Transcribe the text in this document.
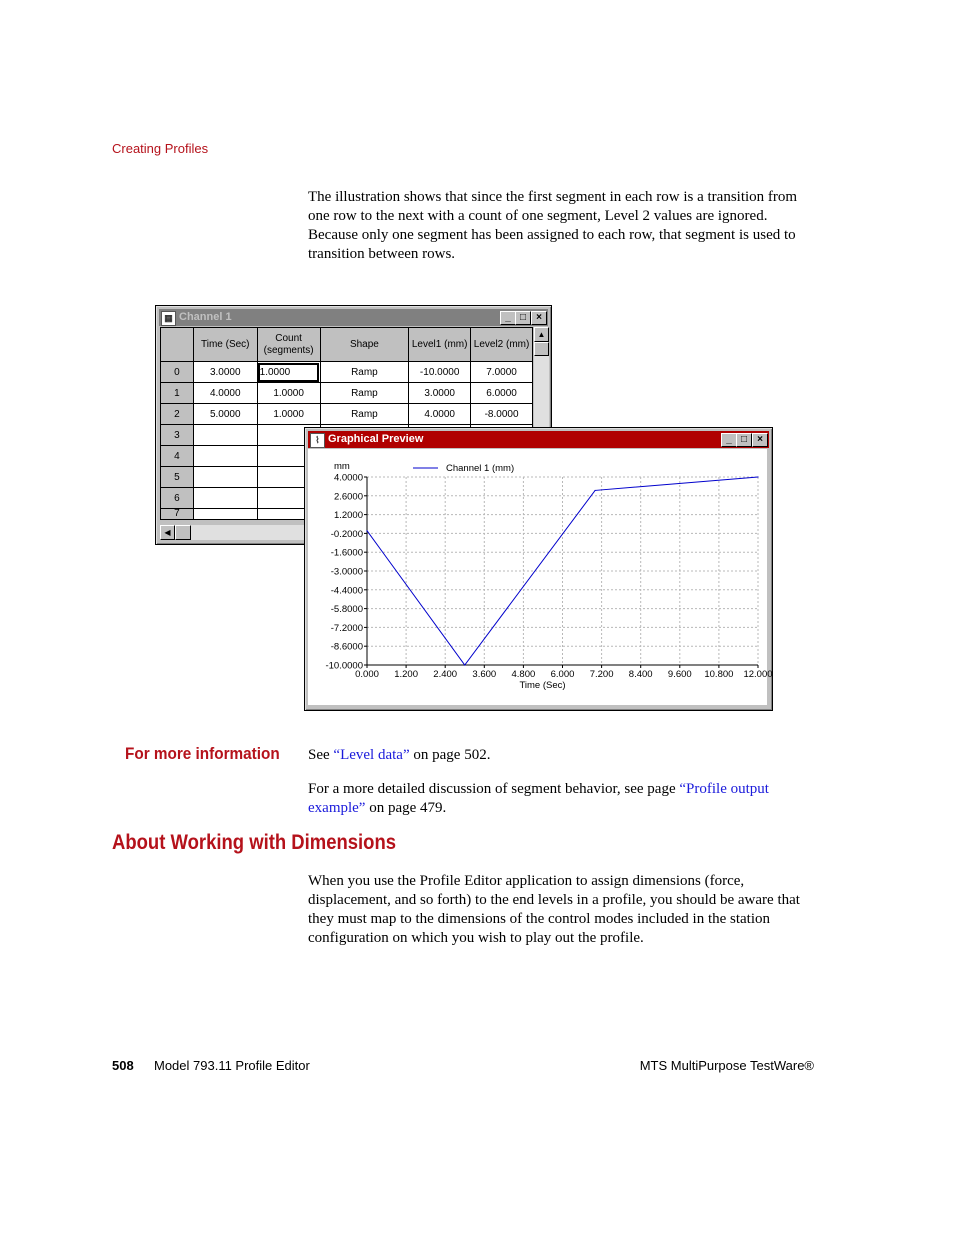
Creating Profiles
The illustration shows that since the first segment in each row is a transition from one row to the next with a count of one segment, Level 2 values are ignored. Because only one segment has been assigned to each row, that segment is used to transition between rows.
▦ Channel 1	_ □	×
	Time (Sec)	Count (segments)	Shape	Level1 (mm)	Level2 (mm)
0	3.0000	1.0000	Ramp	-10.0000	7.0000
1	4.0000	1.0000	Ramp	3.0000	6.0000
2	5.0000	1.0000	Ramp	4.0000	-8.0000
3					
4					
5					
6					
7					
▲
◀
⌇ Graphical Preview	_ □	×
4.0000
2.6000
1.2000
-0.2000
-1.6000
-3.0000
-4.4000
-5.8000
-7.2000
-8.6000
-10.0000
0.000 1.200 2.400 3.600 4.800 6.000 7.200 8.400 9.600 10.800 12.000
mm
Time (Sec)
Channel 1 (mm)
For more information See “Level data” on page 502.
For a more detailed discussion of segment behavior, see page “Profile output
example” on page 479.
About Working with Dimensions
When you use the Profile Editor application to assign dimensions (force, displacement, and so forth) to the end levels in a profile, you should be aware that they must map to the dimensions of the control modes included in the station configuration on which you wish to play out the profile.
508 Model 793.11 Profile Editor	MTS MultiPurpose TestWare®
